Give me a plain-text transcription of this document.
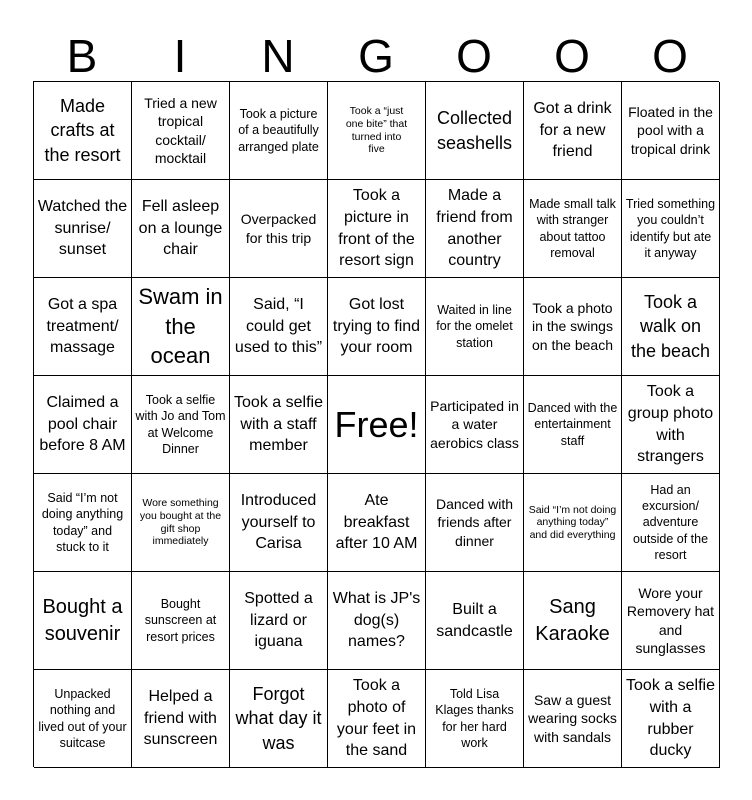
B	I	N	G	O	O	O
Made crafts at the resort
Tried a new tropical cocktail/ mocktail
Took a picture of a beautifully arranged plate
Took a “just one bite” that turned into five
Collected seashells
Got a drink for a new friend
Floated in the pool with a tropical drink
Watched the sunrise/ sunset
Fell asleep on a lounge chair
Overpacked for this trip
Took a picture in front of the resort sign
Made a friend from another country
Made small talk with stranger about tattoo removal
Tried something you couldn’t identify but ate it anyway
Got a spa treatment/ massage
Swam in the ocean
Said, “I could get used to this”
Got lost trying to find your room
Waited in line for the omelet station
Took a photo in the swings on the beach
Took a walk on the beach
Claimed a pool chair before 8 AM
Took a selfie with Jo and Tom at Welcome Dinner
Took a selfie with a staff member
Free! Participated in a water aerobics class
Danced with the entertainment staff
Took a group photo with strangers
Said “I’m not doing anything today” and stuck to it
Wore something you bought at the gift shop immediately
Introduced yourself to Carisa
Ate breakfast after 10 AM
Danced with friends after dinner
Said “I’m not doing anything today” and did everything
Had an excursion/ adventure outside of the resort
Bought a souvenir
Bought sunscreen at resort prices
Spotted a lizard or iguana
What is JP's dog(s) names?
Built a sandcastle
Sang Karaoke
Wore your Removery hat and sunglasses
Unpacked nothing and lived out of your suitcase
Helped a friend with sunscreen
Forgot what day it was
Took a photo of your feet in the sand
Told Lisa Klages thanks for her hard work
Saw a guest wearing socks with sandals
Took a selfie with a rubber ducky
